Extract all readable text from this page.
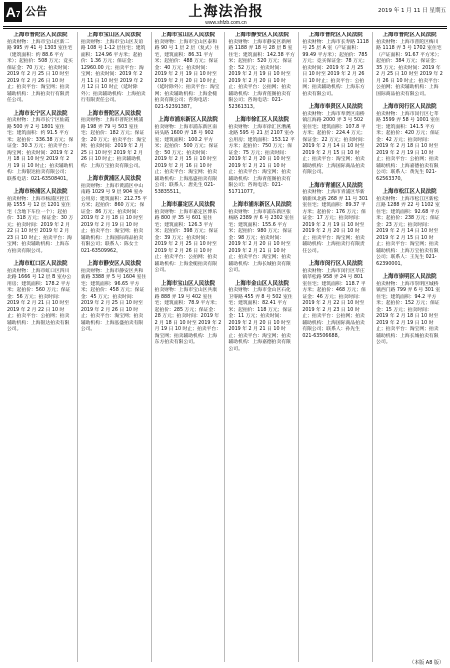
A7 公告	上海法治报
www.shfzb.com.cn
2019 年 1 月 11 日 星期五
上海市普陀区人民法院

拍卖财物：上海市宝山区新二路 995 弄 41 号 1303 室住宅（建筑面积：约 88.6 平方米）；起拍价：508 万元；竞买保证金：70 万元；拍卖时间：2019 年 2 月 25 日 10 时至 2019 年 2 月 26 日 10 时止；拍卖平台：淘宝网；拍卖辅助机构：上海拍卖行有限责任公司。

上海市长宁区人民法院

拍卖财物：上海市长宁区仙霞路 500 弄 2 号 1801 室住宅；建筑面积：约 91.5 平方米；起拍价：336.38 万元；保证金：30.3 万元；拍卖平台：淘宝网；拍卖时间：2019 年 2 月 18 日 10 时至 2019 年 2 月 19 日 10 时止；拍卖辅助机构：上海银达拍卖有限公司；联系电话：021-63508401。

上海市杨浦区人民法院

拍卖财物：上海市杨浦区控江路 1555 号 12 层 1201 室住宅（含地下车位一个）；起拍价：318 万元；保证金：30 万元；拍卖时间：2019 年 2 月 22 日 10 时至 2019 年 2 月 23 日 10 时止；拍卖平台：淘宝网；拍卖辅助机构：上海东方拍卖有限公司。

上海市虹口区人民法院

拍卖财物：上海市虹口区四川北路 1666 号 12 层 B 室办公用房；建筑面积：178.2 平方米；起拍价：560 万元；保证金：56 万元；拍卖时间：2019 年 2 月 21 日 10 时至 2019 年 2 月 22 日 10 时止；拍卖平台：公拍网；拍卖辅助机构：上海银达拍卖有限公司。

上海市宝山区人民法院

拍卖财物：上海市宝山区友谊路 108 号 1-12 层住宅；建筑面积：124.96 平方米；起拍价：1.36 万元；保证金：12960.00 元；拍卖平台：淘宝网；拍卖时间：2019 年 2 月 11 日 10 时至 2019 年 2 月 12 日 10 时止（延时除外）；拍卖辅助机构：上海拍卖行有限责任公司。

上海市普陀区人民法院

拍卖财物：上海市普陀区桃浦路 198 弄 79 号 503 室住宅；起拍价：182 万元；保证金：20 万元；拍卖平台：淘宝网；拍卖时间：2019 年 2 月 25 日 10 时至 2019 年 2 月 26 日 10 时止；拍卖辅助机构：上海万宝拍卖有限公司。

上海市黄浦区人民法院

拍卖财物：上海市黄浦区中山南路 1029 号 9 层 904 室办公用房；建筑面积：212.75 平方米；起拍价：860 万元；保证金：86 万元；拍卖时间：2019 年 2 月 18 日 10 时至 2019 年 2 月 19 日 10 时止；拍卖平台：淘宝网；拍卖辅助机构：上海国际商品拍卖有限公司；联系人：陈女士 021-63509962。

上海市静安区人民法院

拍卖财物：上海市静安区共和新路 3388 弄 5 号 1604 室住宅；建筑面积：96.65 平方米；起拍价：458 万元；保证金：45 万元；拍卖时间：2019 年 2 月 25 日 10 时至 2019 年 2 月 26 日 10 时止；拍卖平台：淘宝网；拍卖辅助机构：上海泓盛拍卖有限公司。

上海市宝山区人民法院

拍卖财物：上海市宝山区泰和路 90 号 1 层 2 层（复式）住宅，建筑面积：86.31 平方米；起拍价：488 万元；保证金：40 万元；拍卖时间：2019 年 2 月 19 日 10 时至 2019 年 2 月 20 日 10 时止（延时除外）；拍卖平台：淘宝网；拍卖辅助机构：上海金槌拍卖有限公司；咨询电话：021-52391387。

上海市浦东新区人民法院

拍卖财物：上海市浦东新区南码头路 1600 弄 18 号 902 室；建筑面积：100.2 平方米；起拍价：500 万元；保证金：50 万元；拍卖时间：2019 年 2 月 15 日 10 时至 2019 年 2 月 16 日 10 时止；拍卖平台：淘宝网；拍卖辅助机构：上海泓盛拍卖有限公司；联系人：唐先生 021-53835511。

上海市嘉定区人民法院

拍卖财物：上海市嘉定区博乐路 800 弄 35 号 601 室住宅；建筑面积：126.3 平方米；起拍价：398 万元；保证金：39 万元；拍卖时间：2019 年 2 月 25 日 10 时至 2019 年 2 月 26 日 10 时止；拍卖平台：公拍网；拍卖辅助机构：上海金槌拍卖有限公司。

上海市宝山区人民法院

拍卖财物：上海市宝山区共康路 888 弄 19 号 402 室住宅；建筑面积：78.9 平方米；起拍价：285 万元；保证金：28 万元；拍卖时间：2019 年 2 月 18 日 10 时至 2019 年 2 月 19 日 10 时止；拍卖平台：淘宝网；拍卖辅助机构：上海东方拍卖有限公司。

上海市静安区人民法院

拍卖财物：上海市静安区新闸路 1188 弄 18 号 28 层 B 室住宅；建筑面积：142.38 平方米；起拍价：520 万元；保证金：52 万元；拍卖时间：2019 年 2 月 19 日 10 时至 2019 年 2 月 20 日 10 时止；拍卖平台：公拍网；拍卖辅助机构：上海青莲阁拍卖有限公司；咨询电话：021-52361313。

上海市徐汇区人民法院

拍卖财物：上海市徐汇区漕溪北路 595 号 21 层 2107 室办公用房；建筑面积：153.12 平方米；起拍价：750 万元；保证金：75 万元；拍卖时间：2019 年 2 月 20 日 10 时至 2019 年 2 月 21 日 10 时止；拍卖平台：淘宝网；拍卖辅助机构：上海青莲阁拍卖有限公司；咨询电话：021-51711077。

上海市浦东新区人民法院

拍卖财物：上海市浦东新区张杨路 2389 弄 6 号 2302 室住宅；建筑面积：155.6 平方米；起拍价：980 万元；保证金：98 万元；拍卖时间：2019 年 2 月 20 日 10 时至 2019 年 2 月 21 日 10 时止；拍卖平台：淘宝网；拍卖辅助机构：上海长城拍卖有限公司。

上海市金山区人民法院

拍卖财物：上海市金山区石化卫零路 455 弄 8 号 502 室住宅；建筑面积：82.41 平方米；起拍价：118 万元；保证金：11 万元；拍卖时间：2019 年 2 月 20 日 10 时至 2019 年 2 月 21 日 10 时止；拍卖平台：淘宝网；拍卖辅助机构：上海嘉德拍卖有限公司。

上海市普陀区人民法院

拍卖财物：上海市长寿路 1118 号 25 层 A 室（产证面积：99.49 平方米）；起拍价：785 万元；竞买保证金：78 万元；拍卖时间：2019 年 2 月 25 日 10 时至 2019 年 2 月 26 日 10 时止；拍卖平台：公拍网；拍卖辅助机构：上海东方拍卖有限公司。

上海市奉贤区人民法院

拍卖财物：上海市奉贤区南桥镇江海路 2000 弄 3 号 502 室住宅；建筑面积：107.8 平方米；起拍价：224.4 万元；保证金：22 万元；拍卖时间：2019 年 2 月 14 日 10 时至 2019 年 2 月 15 日 10 时止；拍卖平台：淘宝网；拍卖辅助机构：上海国际商品拍卖有限公司。

上海市青浦区人民法院

拍卖财物：上海市青浦区华新镇新凤北路 268 弄 11 号 301 室住宅；建筑面积：89.37 平方米；起拍价：176 万元；保证金：17 万元；拍卖时间：2019 年 2 月 19 日 10 时至 2019 年 2 月 20 日 10 时止；拍卖平台：淘宝网；拍卖辅助机构：上海拍卖行有限责任公司。

上海市闵行区人民法院

拍卖财物：上海市闵行区莘庄镇莘松路 958 弄 24 号 801 室住宅；建筑面积：118.7 平方米；起拍价：468 万元；保证金：46 万元；拍卖时间：2019 年 2 月 22 日 10 时至 2019 年 2 月 23 日 10 时止；拍卖平台：公拍网；拍卖辅助机构：上海国际商品拍卖有限公司；联系人：孙先生 021-63506688。

上海市普陀区人民法院

拍卖财物：上海市普陀区梅川路 1118 弄 3 号 1702 室住宅（产证面积：91.67 平方米）；起拍价：384 万元；保证金：35 万元；拍卖时间：2019 年 2 月 25 日 10 时至 2019 年 2 月 26 日 10 时止；拍卖平台：公拍网；拍卖辅助机构：上海国际商品拍卖有限公司。

上海市闵行区人民法院

拍卖财物：上海市闵行区七莘路 3599 弄 58 号 1001 室住宅；建筑面积：141.5 平方米；起拍价：420 万元；保证金：42 万元；拍卖时间：2019 年 2 月 18 日 10 时至 2019 年 2 月 19 日 10 时止；拍卖平台：公拍网；拍卖辅助机构：上海嘉德拍卖有限公司；联系人：黄先生 021-62563370。

上海市松江区人民法院

拍卖财物：上海市松江区新松江路 1288 弄 22 号 1102 室住宅；建筑面积：92.68 平方米；起拍价：238 万元；保证金：23 万元；拍卖时间：2019 年 2 月 14 日 10 时至 2019 年 2 月 15 日 10 时止；拍卖平台：淘宝网；拍卖辅助机构：上海万宝拍卖有限公司；联系人：王先生 021-62390001。

上海市崇明区人民法院

拍卖财物：上海市崇明区城桥镇西门路 799 弄 6 号 301 室住宅；建筑面积：94.2 平方米；起拍价：152 万元；保证金：15 万元；拍卖时间：2019 年 2 月 18 日 10 时至 2019 年 2 月 19 日 10 时止；拍卖平台：淘宝网；拍卖辅助机构：上海长城拍卖有限公司。

（本版 A8 版）
